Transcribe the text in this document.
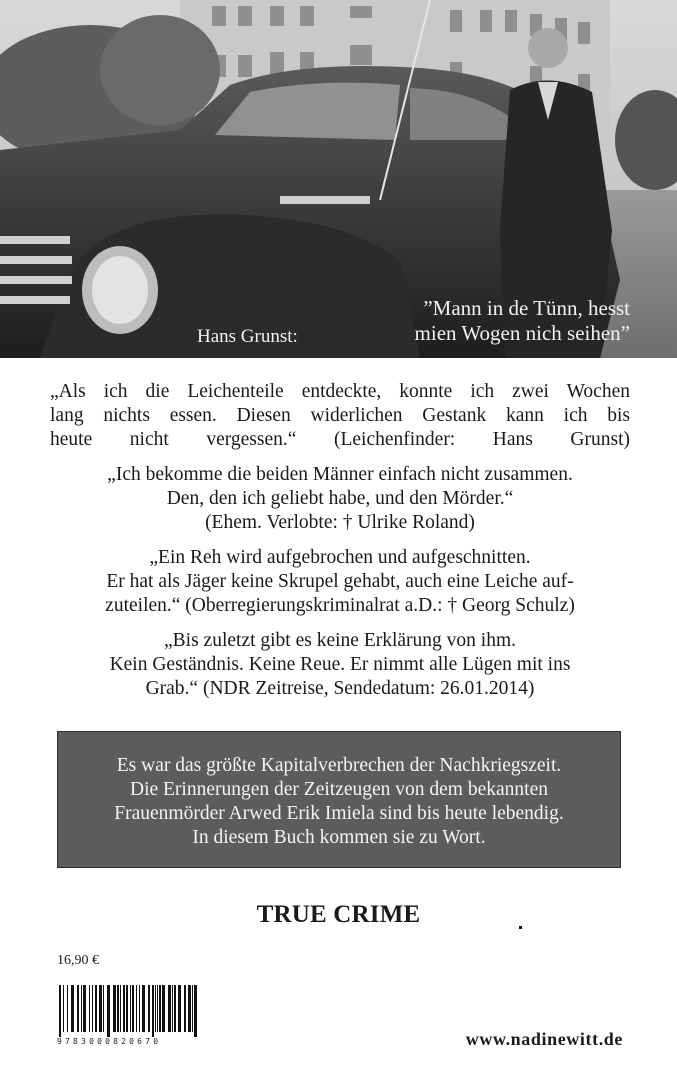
Hans Grunst:
”Mann in de Tünn, hesst
mien Wogen nich seihen”
„Als ich die Leichenteile entdeckte, konnte ich zwei Wochen
lang nichts essen. Diesen widerlichen Gestank kann ich bis
heute nicht vergessen.“ (Leichenfinder: Hans Grunst)
„Ich bekomme die beiden Männer einfach nicht zusammen.
Den, den ich geliebt habe, und den Mörder.“
(Ehem. Verlobte: † Ulrike Roland)
„Ein Reh wird aufgebrochen und aufgeschnitten.
Er hat als Jäger keine Skrupel gehabt, auch eine Leiche auf-
zuteilen.“ (Oberregierungskriminalrat a.D.: † Georg Schulz)
„Bis zuletzt gibt es keine Erklärung von ihm.
Kein Geständnis. Keine Reue. Er nimmt alle Lügen mit ins
Grab.“ (NDR Zeitreise, Sendedatum: 26.01.2014)
Es war das größte Kapitalverbrechen der Nachkriegszeit.
Die Erinnerungen der Zeitzeugen von dem bekannten
Frauenmörder Arwed Erik Imiela sind bis heute lebendig.
In diesem Buch kommen sie zu Wort.
TRUE CRIME
16,90 €
9783000820670	www.nadinewitt.de
